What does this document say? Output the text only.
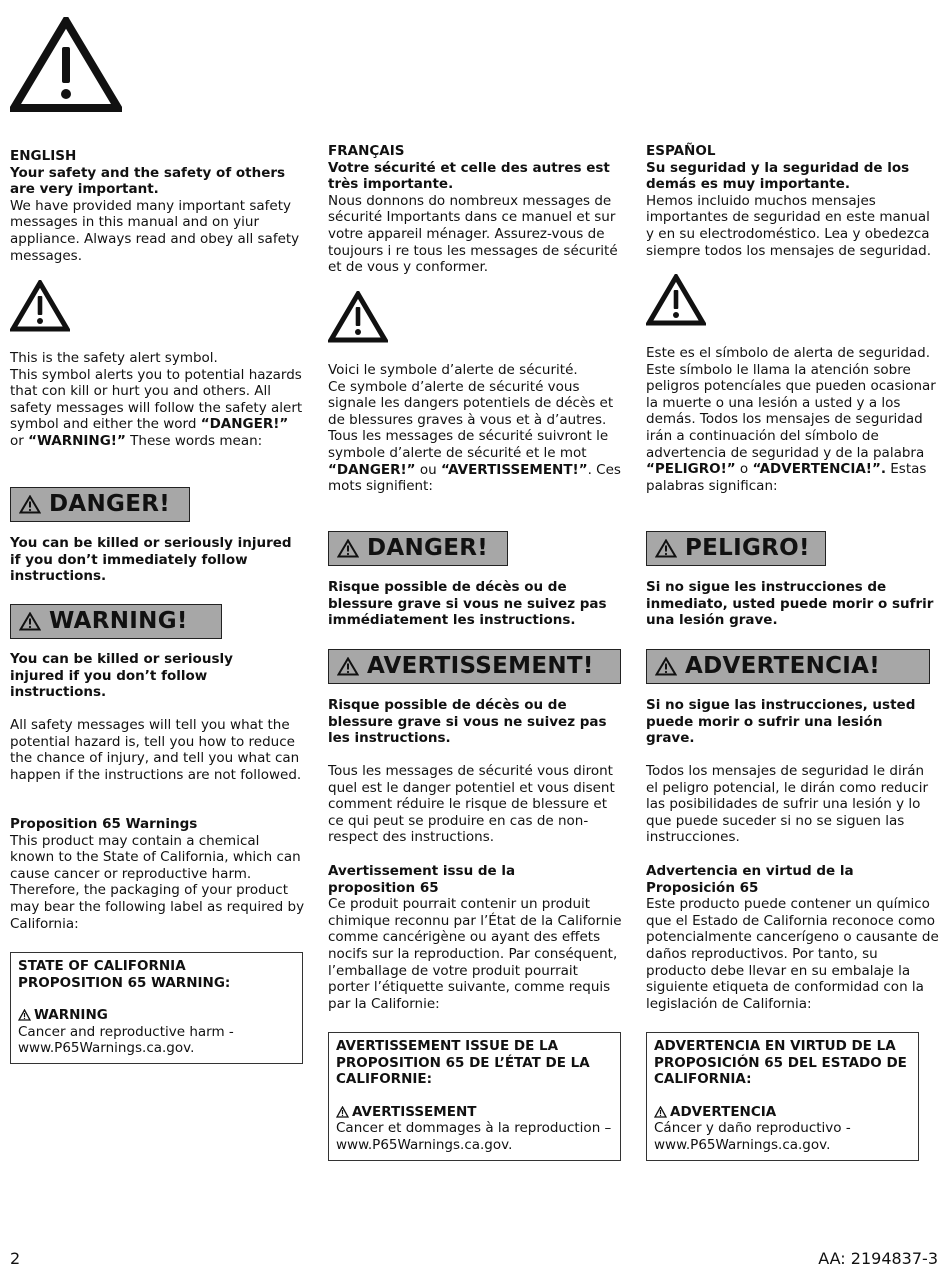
ENGLISH

Your safety and the safety of others are very important.

We have provided many important safety messages in this manual and on yiur appliance. Always read and obey all safety messages.

This is the safety alert symbol.

This symbol alerts you to potential hazards that con kill or hurt you and others. All safety messages will follow the safety alert symbol and either the word “DANGER!” or “WARNING!” These words mean:

DANGER!

You can be killed or seriously injured if you don’t immediately follow instructions.

WARNING!

You can be killed or seriously injured if you don’t follow instructions.

All safety messages will tell you what the potential hazard is, tell you how to reduce the chance of injury, and tell you what can happen if the instructions are not followed.

Proposition 65 Warnings

This product may contain a chemical known to the State of California, which can cause cancer or reproductive harm. Therefore, the packaging of your product may bear the following label as required by California:

STATE OF CALIFORNIA PROPOSITION 65 WARNING:

WARNING

Cancer and reproductive harm - www.P65Warnings.ca.gov.

FRANÇAIS

Votre sécurité et celle des autres est très importante.

Nous donnons do nombreux messages de sécurité Importants dans ce manuel et sur votre appareil ménager. Assurez-vous de toujours i re tous les messages de sécurité et de vous y conformer.

Voici le symbole d’alerte de sécurité.

Ce symbole d’alerte de sécurité vous signale les dangers potentiels de décès et de blessures graves à vous et à d’autres. Tous les messages de sécurité suivront le symbole d’alerte de sécurité et le mot “DANGER!” ou “AVERTISSEMENT!”. Ces mots signifient:

DANGER!

Risque possible de décès ou de blessure grave si vous ne suivez pas immédiatement les instructions.

AVERTISSEMENT!

Risque possible de décès ou de blessure grave si vous ne suivez pas les instructions.

Tous les messages de sécurité vous diront quel est le danger potentiel et vous disent comment réduire le risque de blessure et ce qui peut se produire en cas de non-respect des instructions.

Avertissement issu de la proposition 65

Ce produit pourrait contenir un produit chimique reconnu par l’État de la Californie comme cancérigène ou ayant des effets nocifs sur la reproduction. Par conséquent, l’emballage de votre produit pourrait porter l’étiquette suivante, comme requis par la Californie:

AVERTISSEMENT ISSUE DE LA PROPOSITION 65 DE L’ÉTAT DE LA CALIFORNIE:

AVERTISSEMENT

Cancer et dommages à la reproduction – www.P65Warnings.ca.gov.

ESPAÑOL

Su seguridad y la seguridad de los demás es muy importante.

Hemos incluido muchos mensajes importantes de seguridad en este manual y en su electrodoméstico. Lea y obedezca siempre todos los mensajes de seguridad.

Este es el símbolo de alerta de seguridad.

Este símbolo le llama la atención sobre peligros potencíales que pueden ocasionar la muerte o una lesión a usted y a los demás. Todos los mensajes de seguridad irán a continuación del símbolo de advertencia de seguridad y de la palabra “PELIGRO!” o “ADVERTENCIA!”. Estas palabras significan:

PELIGRO!

Si no sigue les instrucciones de inmediato, usted puede morir o sufrir una lesión grave.

ADVERTENCIA!

Si no sigue las instrucciones, usted puede morir o sufrir una lesión grave.

Todos los mensajes de seguridad le dirán el peligro potencial, le dirán como reducir las posibilidades de sufrir una lesión y lo que puede suceder si no se siguen las instrucciones.

Advertencia en virtud de la Proposición 65

Este producto puede contener un químico que el Estado de California reconoce como potencialmente cancerígeno o causante de daños reproductivos. Por tanto, su producto debe llevar en su embalaje la siguiente etiqueta de conformidad con la legislación de California:

ADVERTENCIA EN VIRTUD DE LA PROPOSICIÓN 65 DEL ESTADO DE CALIFORNIA:

ADVERTENCIA

Cáncer y daño reproductivo - www.P65Warnings.ca.gov.

2	AA: 2194837-3
